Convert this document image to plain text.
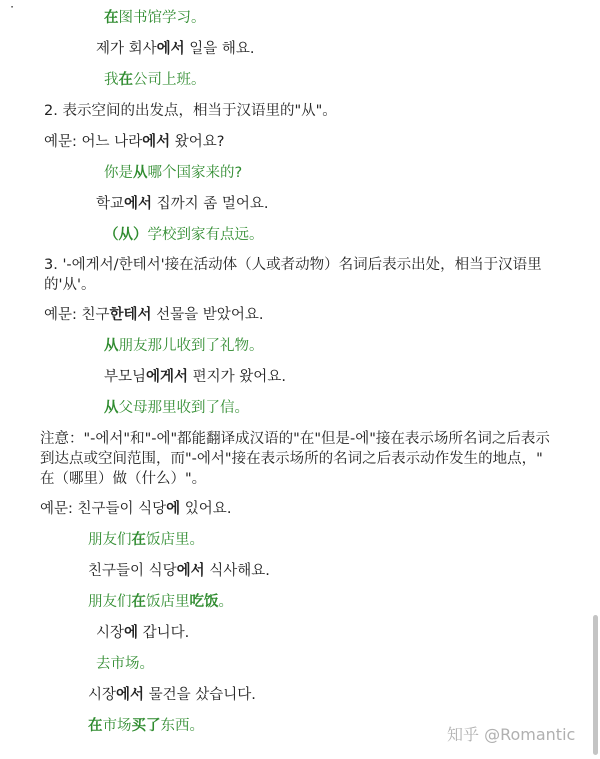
在图书馆学习。
제가 회사에서 일을 해요.
我在公司上班。
2. 表示空间的出发点，相当于汉语里的"从"。
예문: 어느 나라에서 왔어요?
你是从哪个国家来的?
학교에서 집까지 좀 멀어요.
（从）学校到家有点远。
3. '-에게서/한테서'接在活动体（人或者动物）名词后表示出处，相当于汉语里
的'从'。
예문: 친구한테서 선물을 받았어요.
从朋友那儿收到了礼物。
부모님에게서 편지가 왔어요.
从父母那里收到了信。
注意："-에서"和"-에"都能翻译成汉语的"在"但是-에"接在表示场所名词之后表示
到达点或空间范围，而"-에서"接在表示场所的名词之后表示动作发生的地点，"
在（哪里）做（什么）"。
예문: 친구들이 식당에 있어요.
朋友们在饭店里。
친구들이 식당에서 식사해요.
朋友们在饭店里吃饭。
시장에 갑니다.
去市场。
시장에서 물건을 샀습니다.
在市场买了东西。
ᐧ
知乎 @Romantic
